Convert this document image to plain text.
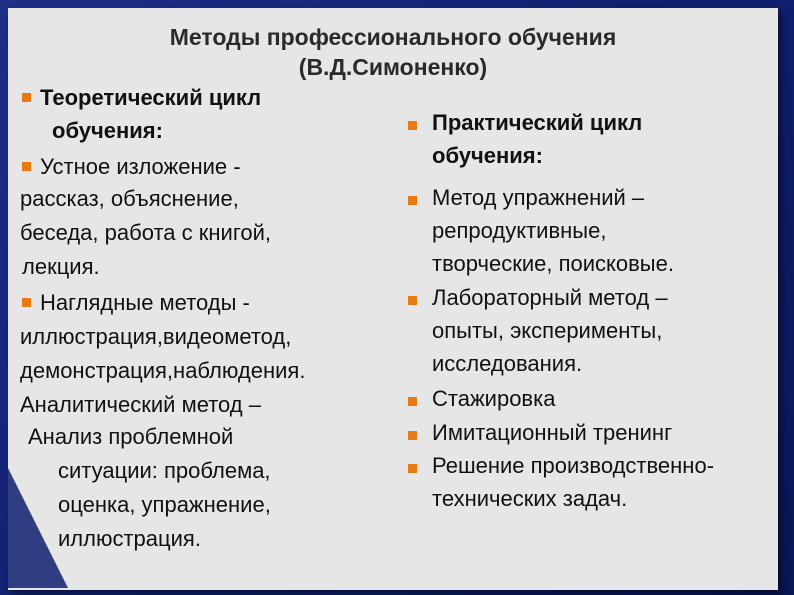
Методы профессионального обучения
(В.Д.Симоненко)
Теоретический цикл
обучения:
Устное изложение -
рассказ, объяснение,
беседа, работа с книгой,
лекция.
Наглядные методы -
иллюстрация,видеометод,
демонстрация,наблюдения.
Аналитический метод –
Анализ проблемной
ситуации: проблема,
оценка, упражнение,
иллюстрация.
Практический цикл
обучения:
Метод упражнений –
репродуктивные,
творческие, поисковые.
Лабораторный метод –
опыты, эксперименты,
исследования.
Стажировка
Имитационный тренинг
Решение производственно-
технических задач.
